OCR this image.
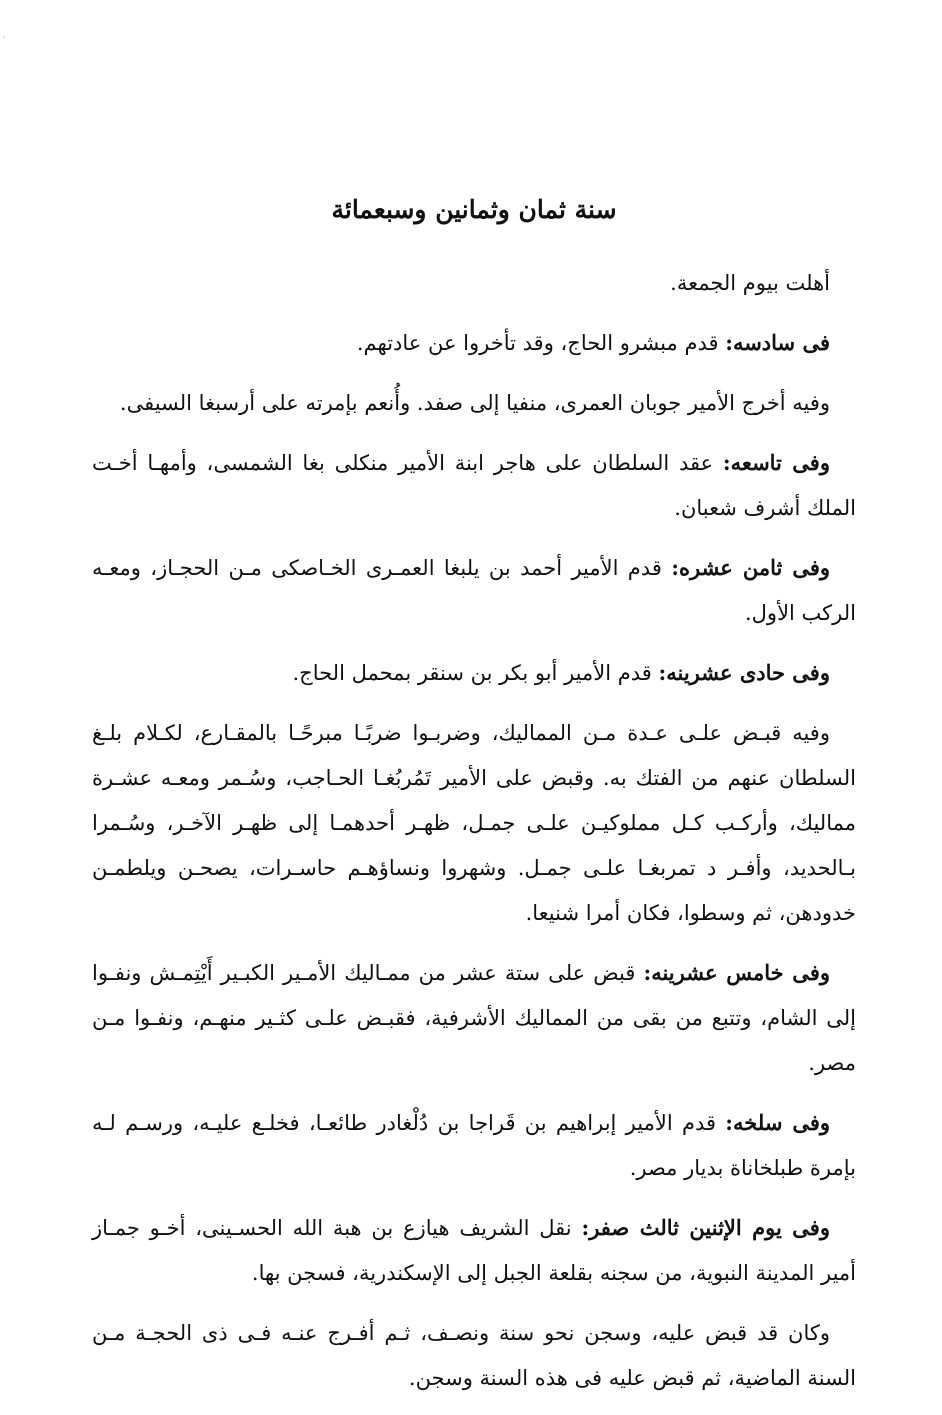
.
سنة ثمان وثمانين وسبعمائة

أهلت بيوم الجمعة.

فى سادسه: قدم مبشرو الحاج، وقد تأخروا عن عادتهم.

وفيه أخرج الأمير جوبان العمرى، منفيا إلى صفد. وأُنعم بإمرته على أرسبغا السيفى.

وفى تاسعه: عقد السلطان على هاجر ابنة الأمير منكلى بغا الشمسى، وأمهـا أخـت الملك أشرف شعبان.

وفى ثامن عشره: قدم الأمير أحمد بن يلبغا العمـرى الخـاصكى مـن الحجـاز، ومعـه الركب الأول.

وفى حادى عشرينه: قدم الأمير أبو بكر بن سنقر بمحمل الحاج.

وفيه قبـض علـى عـدة مـن المماليك، وضربـوا ضربًـا مبرحًـا بالمقـارع، لكـلام بلـغ السلطان عنهم من الفتك به. وقبض على الأمير تَمُربُغـا الحـاجب، وسُـمر ومعـه عشـرة مماليك، وأركـب كـل مملوكيـن علـى جمـل، ظهـر أحدهمـا إلى ظهـر الآخـر، وسُـمرا بـالحديد، وأفـر د تمربغـا علـى جمـل. وشهروا ونساؤهـم حاسـرات، يصحـن ويلطمـن خدودهن، ثم وسطوا، فكان أمرا شنيعا.

وفى خامس عشرينه: قبض على ستة عشر من ممـاليك الأمـير الكبـير أَيْتِمـش ونفـوا إلى الشام، وتتبع من بقى من المماليك الأشرفية، فقبـض علـى كثـير منهـم، ونفـوا مـن مصر.

وفى سلخه: قدم الأمير إبراهيم بن قَراجا بن دُلْغادر طائعـا، فخلـع عليـه، ورسـم لـه بإمرة طبلخاناة بديار مصر.

وفى يوم الإثنين ثالث صفر: نقل الشريف هيازع بن هبة الله الحسـينى، أخـو جمـاز أمير المدينة النبوية، من سجنه بقلعة الجبل إلى الإسكندرية، فسجن بها.

وكان قد قبض عليه، وسجن نحو سنة ونصـف، ثـم أفـرج عنـه فـى ذى الحجـة مـن السنة الماضية، ثم قبض عليه فى هذه السنة وسجن.
